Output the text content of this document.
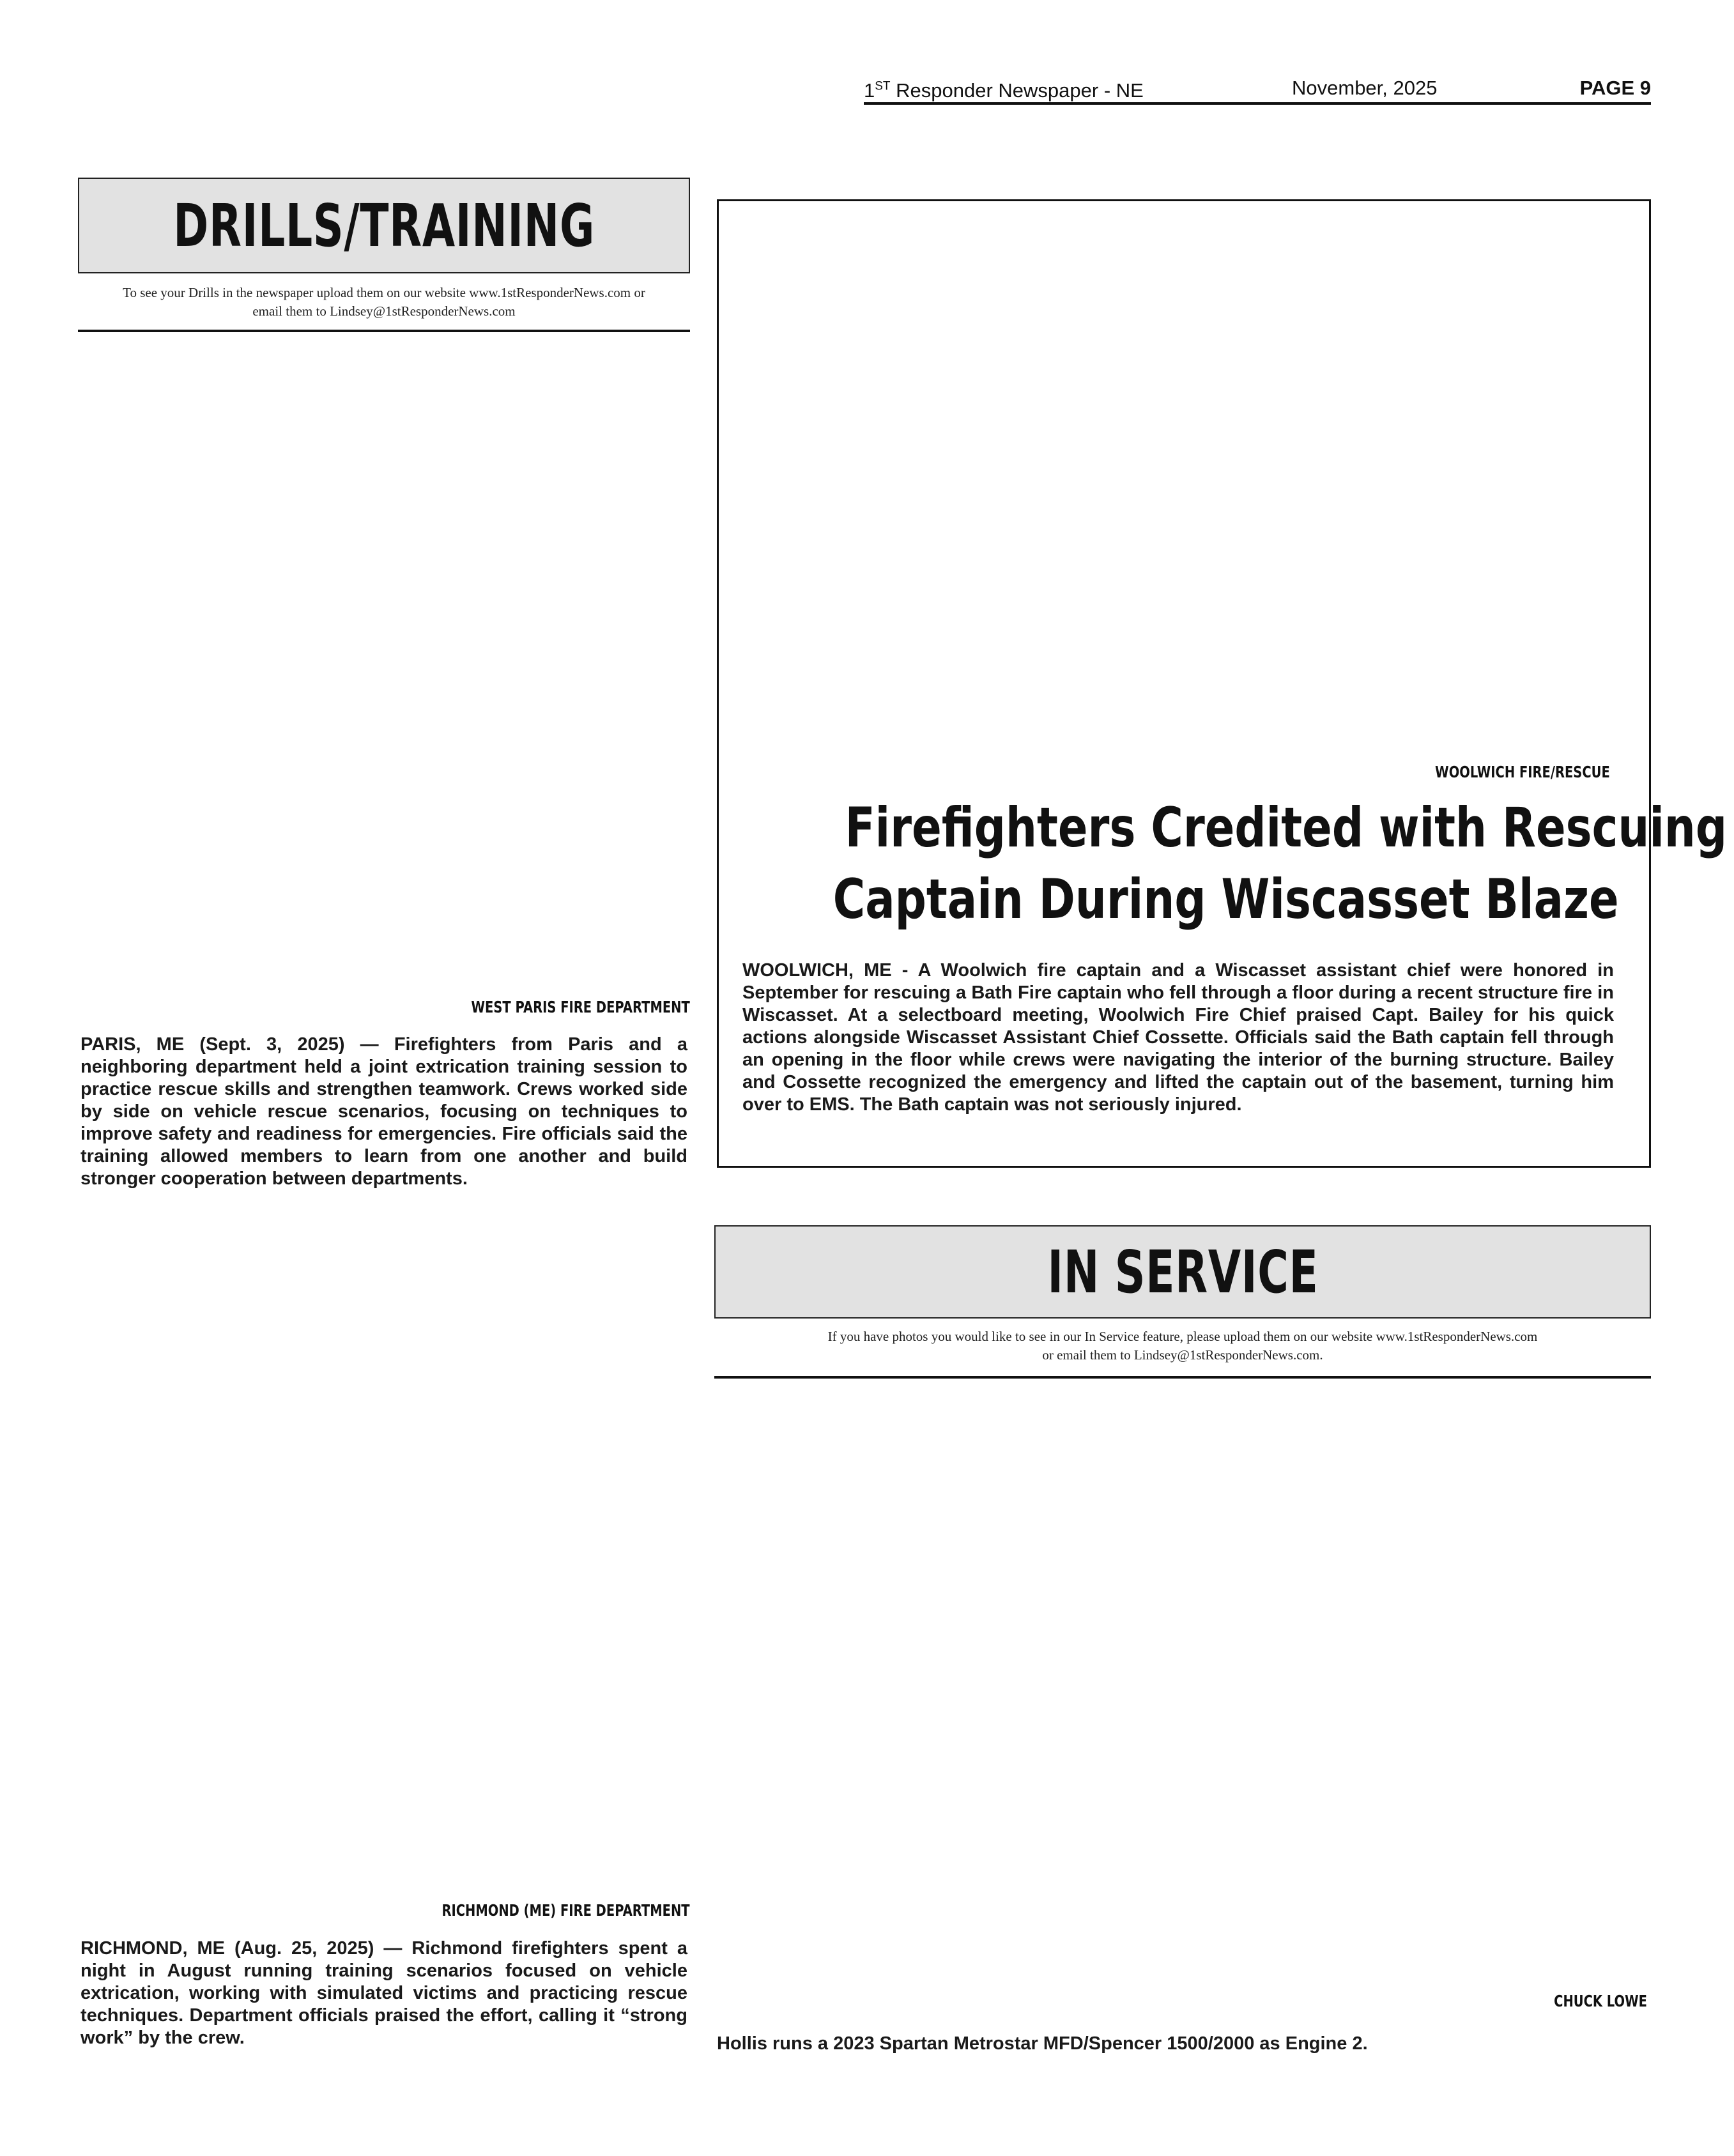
1ST Responder Newspaper - NE	November, 2025	PAGE 9
DRILLS/TRAINING
To see your Drills in the newspaper upload them on our website www.1stResponderNews.com or
email them to Lindsey@1stResponderNews.com
WEST PARIS FIRE DEPARTMENT
PARIS, ME (Sept. 3, 2025) — Firefighters from Paris and a neighboring department held a joint extrication training session to practice rescue skills and strengthen teamwork. Crews worked side by side on vehicle rescue scenarios, focusing on techniques to improve safety and readiness for emergencies. Fire officials said the training allowed members to learn from one another and build stronger cooperation between departments.
RICHMOND (ME) FIRE DEPARTMENT
RICHMOND, ME (Aug. 25, 2025) — Richmond firefighters spent a night in August running training scenarios focused on vehicle extrication, working with simulated victims and practicing rescue techniques. Department officials praised the effort, calling it “strong work” by the crew.
WOOLWICH FIRE/RESCUE
Firefighters Credited with Rescuing
Captain During Wiscasset Blaze
WOOLWICH, ME - A Woolwich fire captain and a Wiscasset assistant chief were honored in September for rescuing a Bath Fire captain who fell through a floor during a recent structure fire in Wiscasset. At a selectboard meeting, Woolwich Fire Chief praised Capt. Bailey for his quick actions alongside Wiscasset Assistant Chief Cossette. Officials said the Bath captain fell through an opening in the floor while crews were navigating the interior of the burning structure. Bailey and Cossette recognized the emergency and lifted the captain out of the basement, turning him over to EMS. The Bath captain was not seriously injured.
IN SERVICE
If you have photos you would like to see in our In Service feature, please upload them on our website www.1stResponderNews.com
or email them to Lindsey@1stResponderNews.com.
CHUCK LOWE
Hollis runs a 2023 Spartan Metrostar MFD/Spencer 1500/2000 as Engine 2.
